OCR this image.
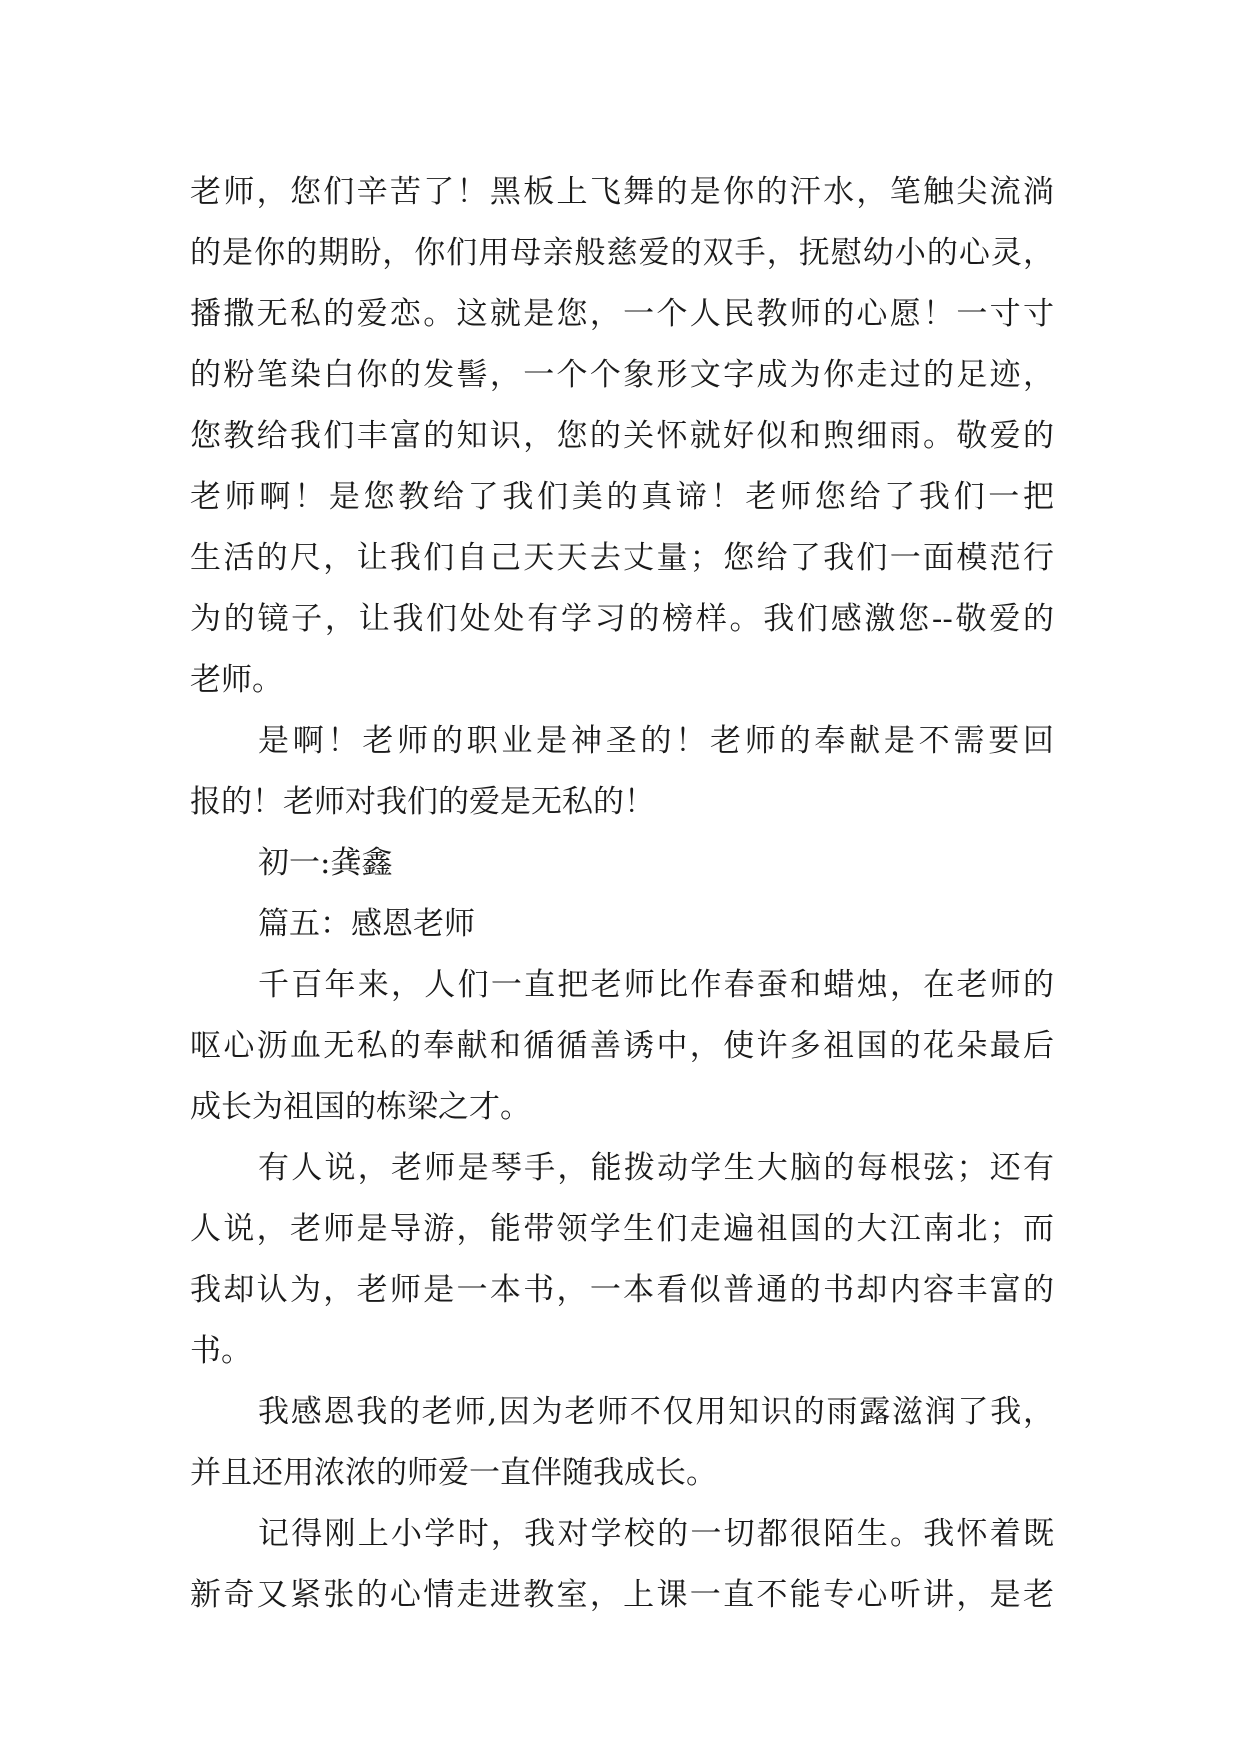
老师，您们辛苦了！黑板上飞舞的是你的汗水，笔触尖流淌
的是你的期盼，你们用母亲般慈爱的双手，抚慰幼小的心灵，
播撒无私的爱恋。这就是您，一个人民教师的心愿！一寸寸
的粉笔染白你的发髻，一个个象形文字成为你走过的足迹，
您教给我们丰富的知识，您的关怀就好似和煦细雨。敬爱的
老师啊！是您教给了我们美的真谛！老师您给了我们一把
生活的尺，让我们自己天天去丈量；您给了我们一面模范行
为的镜子，让我们处处有学习的榜样。我们感激您--敬爱的
老师。
是啊！老师的职业是神圣的！老师的奉献是不需要回
报的！老师对我们的爱是无私的！
初一:龚鑫
篇五：感恩老师
千百年来，人们一直把老师比作春蚕和蜡烛，在老师的
呕心沥血无私的奉献和循循善诱中，使许多祖国的花朵最后
成长为祖国的栋梁之才。
有人说，老师是琴手，能拨动学生大脑的每根弦；还有
人说，老师是导游，能带领学生们走遍祖国的大江南北；而
我却认为，老师是一本书，一本看似普通的书却内容丰富的
书。
我感恩我的老师,因为老师不仅用知识的雨露滋润了我，
并且还用浓浓的师爱一直伴随我成长。
记得刚上小学时，我对学校的一切都很陌生。我怀着既
新奇又紧张的心情走进教室，上课一直不能专心听讲，是老
